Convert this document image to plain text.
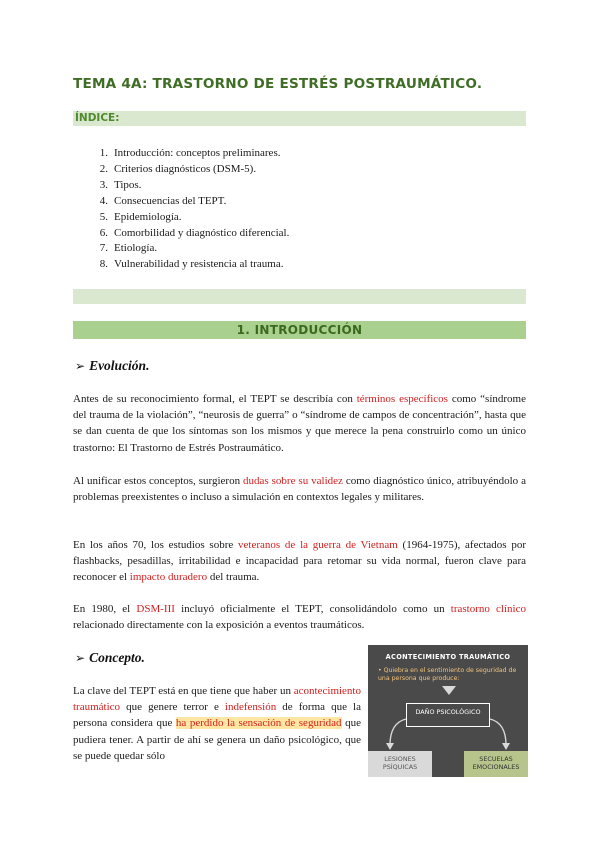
TEMA 4A: TRASTORNO DE ESTRÉS POSTRAUMÁTICO.
ÍNDICE:
1. Introducción: conceptos preliminares.
2. Criterios diagnósticos (DSM-5).
3. Tipos.
4. Consecuencias del TEPT.
5. Epidemiología.
6. Comorbilidad y diagnóstico diferencial.
7. Etiología.
8. Vulnerabilidad y resistencia al trauma.
1. INTRODUCCIÓN
➢ Evolución.

Antes de su reconocimiento formal, el TEPT se describía con términos específicos como “síndrome del trauma de la violación”, “neurosis de guerra” o “síndrome de campos de concentración”, hasta que se dan cuenta de que los síntomas son los mismos y que merece la pena construirlo como un único trastorno: El Trastorno de Estrés Postraumático.

Al unificar estos conceptos, surgieron dudas sobre su validez como diagnóstico único, atribuyéndolo a problemas preexistentes o incluso a simulación en contextos legales y militares.

En los años 70, los estudios sobre veteranos de la guerra de Vietnam (1964-1975), afectados por flashbacks, pesadillas, irritabilidad e incapacidad para retomar su vida normal, fueron clave para reconocer el impacto duradero del trauma.

En 1980, el DSM-III incluyó oficialmente el TEPT, consolidándolo como un trastorno clínico relacionado directamente con la exposición a eventos traumáticos.

➢ Concepto.

La clave del TEPT está en que tiene que haber un acontecimiento traumático que genere terror e indefensión de forma que la persona considera que ha perdido la sensación de seguridad que pudiera tener. A partir de ahí se genera un daño psicológico, que se puede quedar sólo

ACONTECIMIENTO TRAUMÁTICO
• Quiebra en el sentimiento de seguridad de una persona que produce:
DAÑO PSICOLÓGICO
LESIONES PSÍQUICAS
SECUELAS EMOCIONALES
